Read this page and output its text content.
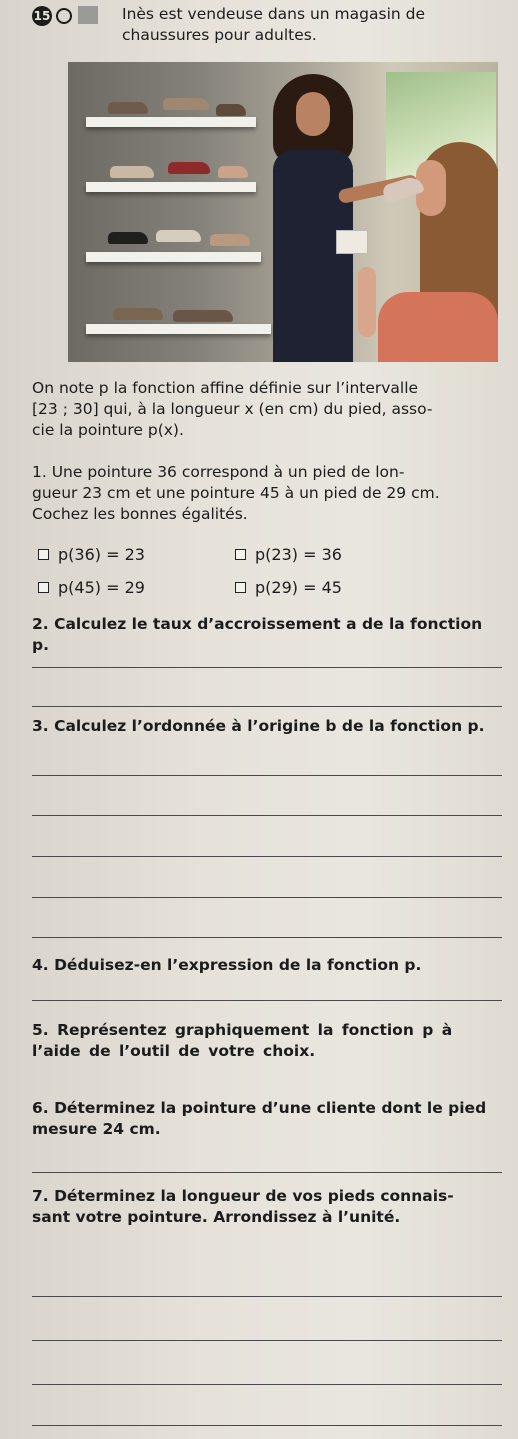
15	Inès est vendeuse dans un magasin de chaussures pour adultes.
On note p la fonction affine définie sur l’intervalle
[23 ; 30] qui, à la longueur x (en cm) du pied, asso-
cie la pointure p(x).
1. Une pointure 36 correspond à un pied de lon-
gueur 23 cm et une pointure 45 à un pied de 29 cm.
Cochez les bonnes égalités.
p(36) = 23	p(23) = 36
p(45) = 29	p(29) = 45
2. Calculez le taux d’accroissement a de la fonction p.
3. Calculez l’ordonnée à l’origine b de la fonction p.
4. Déduisez-en l’expression de la fonction p.
5. Représentez graphiquement la fonction p à
l’aide de l’outil de votre choix.
6. Déterminez la pointure d’une cliente dont le pied
mesure 24 cm.
7. Déterminez la longueur de vos pieds connais-
sant votre pointure. Arrondissez à l’unité.
